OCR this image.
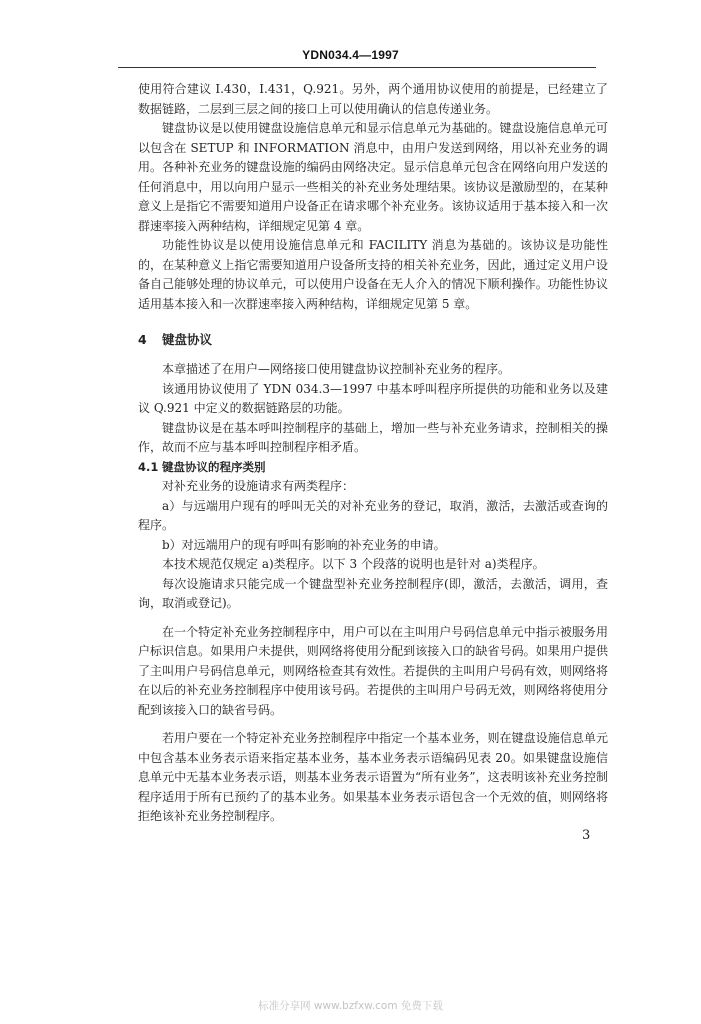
YDN034.4—1997

使用符合建议 I.430，I.431，Q.921。另外，两个通用协议使用的前提是，已经建立了数据链路，二层到三层之间的接口上可以使用确认的信息传递业务。

键盘协议是以使用键盘设施信息单元和显示信息单元为基础的。键盘设施信息单元可以包含在 SETUP 和 INFORMATION 消息中，由用户发送到网络，用以补充业务的调用。各种补充业务的键盘设施的编码由网络决定。显示信息单元包含在网络向用户发送的任何消息中，用以向用户显示一些相关的补充业务处理结果。该协议是激励型的，在某种意义上是指它不需要知道用户设备正在请求哪个补充业务。该协议适用于基本接入和一次群速率接入两种结构，详细规定见第 4 章。

功能性协议是以使用设施信息单元和 FACILITY 消息为基础的。该协议是功能性的，在某种意义上指它需要知道用户设备所支持的相关补充业务，因此，通过定义用户设备自己能够处理的协议单元，可以使用户设备在无人介入的情况下顺利操作。功能性协议适用基本接入和一次群速率接入两种结构，详细规定见第 5 章。

4 键盘协议

本章描述了在用户—网络接口使用键盘协议控制补充业务的程序。

该通用协议使用了 YDN 034.3—1997 中基本呼叫程序所提供的功能和业务以及建议 Q.921 中定义的数据链路层的功能。

键盘协议是在基本呼叫控制程序的基础上，增加一些与补充业务请求，控制相关的操作，故而不应与基本呼叫控制程序相矛盾。

4.1 键盘协议的程序类别

对补充业务的设施请求有两类程序：

a）与远端用户现有的呼叫无关的对补充业务的登记，取消，激活，去激活或查询的程序。

b）对远端用户的现有呼叫有影响的补充业务的申请。

本技术规范仅规定 a)类程序。以下 3 个段落的说明也是针对 a)类程序。

每次设施请求只能完成一个键盘型补充业务控制程序(即，激活，去激活，调用，查询，取消或登记)。

在一个特定补充业务控制程序中，用户可以在主叫用户号码信息单元中指示被服务用户标识信息。如果用户未提供，则网络将使用分配到该接入口的缺省号码。如果用户提供了主叫用户号码信息单元，则网络检查其有效性。若提供的主叫用户号码有效，则网络将在以后的补充业务控制程序中使用该号码。若提供的主叫用户号码无效，则网络将使用分配到该接入口的缺省号码。

若用户要在一个特定补充业务控制程序中指定一个基本业务，则在键盘设施信息单元中包含基本业务表示语来指定基本业务，基本业务表示语编码见表 20。如果键盘设施信息单元中无基本业务表示语，则基本业务表示语置为“所有业务”，这表明该补充业务控制程序适用于所有已预约了的基本业务。如果基本业务表示语包含一个无效的值，则网络将拒绝该补充业务控制程序。

3
标准分享网 www.bzfxw.com 免费下载
